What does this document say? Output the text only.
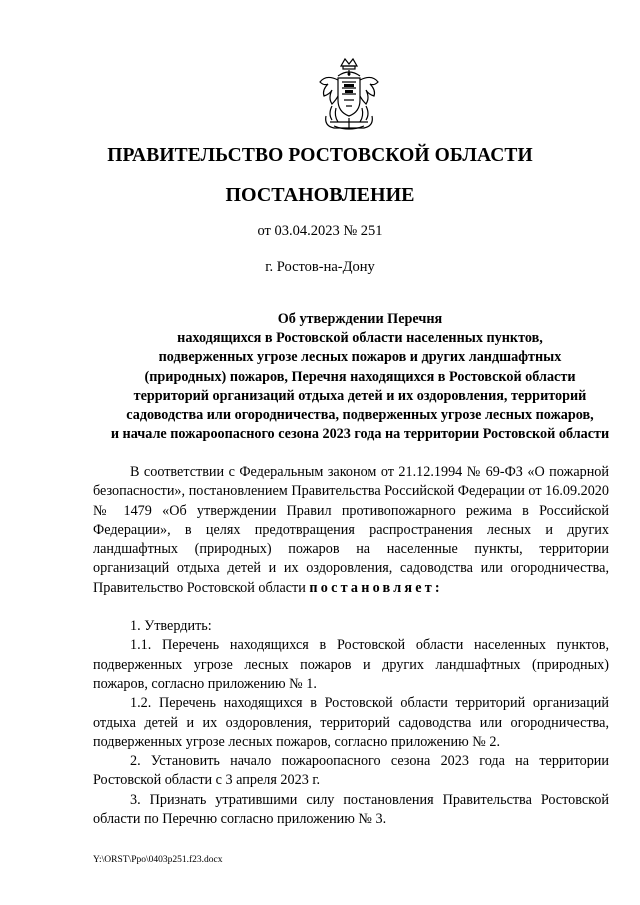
ПРАВИТЕЛЬСТВО РОСТОВСКОЙ ОБЛАСТИ
ПОСТАНОВЛЕНИЕ
от 03.04.2023 № 251
г. Ростов-на-Дону
Об утверждении Перечня
находящихся в Ростовской области населенных пунктов,
подверженных угрозе лесных пожаров и других ландшафтных
(природных) пожаров, Перечня находящихся в Ростовской области
территорий организаций отдыха детей и их оздоровления, территорий
садоводства или огородничества, подверженных угрозе лесных пожаров,
и начале пожароопасного сезона 2023 года на территории Ростовской области

В соответствии с Федеральным законом от 21.12.1994 № 69-ФЗ «О пожарной безопасности», постановлением Правительства Российской Федерации от 16.09.2020 № 1479 «Об утверждении Правил противопожарного режима в Российской Федерации», в целях предотвращения распространения лесных и других ландшафтных (природных) пожаров на населенные пункты, территории организаций отдыха детей и их оздоровления, садоводства или огородничества, Правительство Ростовской области постановляет:

1. Утвердить:

1.1. Перечень находящихся в Ростовской области населенных пунктов, подверженных угрозе лесных пожаров и других ландшафтных (природных) пожаров, согласно приложению № 1.

1.2. Перечень находящихся в Ростовской области территорий организаций отдыха детей и их оздоровления, территорий садоводства или огородничества, подверженных угрозе лесных пожаров, согласно приложению № 2.

2. Установить начало пожароопасного сезона 2023 года на территории Ростовской области с 3 апреля 2023 г.

3. Признать утратившими силу постановления Правительства Ростовской области по Перечню согласно приложению № 3.

Y:\ORST\Ppo\0403p251.f23.docx
